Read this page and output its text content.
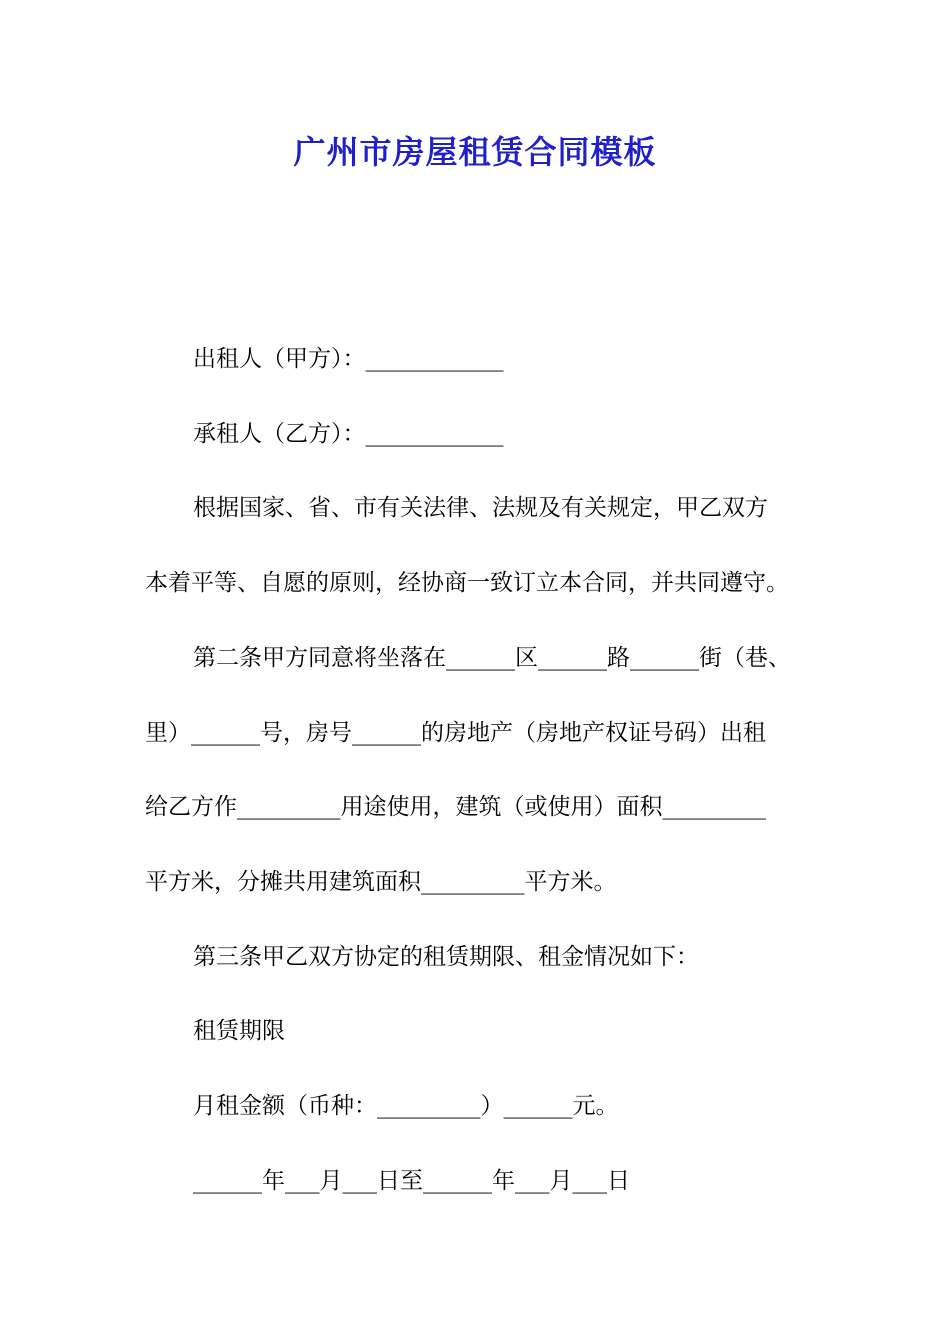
广州市房屋租赁合同模板
出租人（甲方）：____________
承租人（乙方）：____________
根据国家、省、市有关法律、法规及有关规定，甲乙双方
本着平等、自愿的原则，经协商一致订立本合同，并共同遵守。
第二条甲方同意将坐落在______区______路______街（巷、
里）______号，房号______的房地产（房地产权证号码）出租
给乙方作_________用途使用，建筑（或使用）面积_________
平方米，分摊共用建筑面积_________平方米。
第三条甲乙双方协定的租赁期限、租金情况如下：
租赁期限
月租金额（币种：_________）______元。
______年___月___日至______年___月___日
